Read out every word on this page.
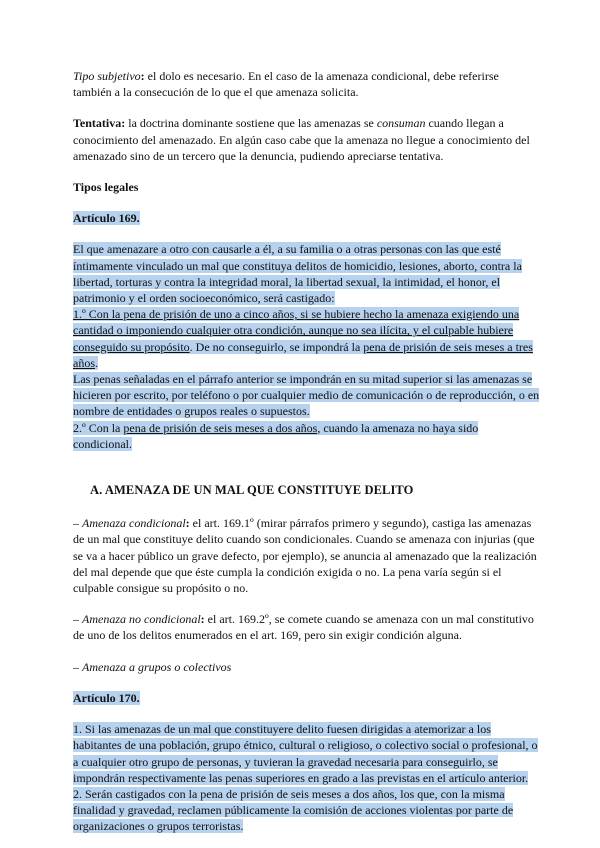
Tipo subjetivo: el dolo es necesario. En el caso de la amenaza condicional, debe referirse también a la consecución de lo que el que amenaza solicita.

Tentativa: la doctrina dominante sostiene que las amenazas se consuman cuando llegan a conocimiento del amenazado. En algún caso cabe que la amenaza no llegue a conocimiento del amenazado sino de un tercero que la denuncia, pudiendo apreciarse tentativa.

Tipos legales

Artículo 169.

El que amenazare a otro con causarle a él, a su familia o a otras personas con las que esté íntimamente vinculado un mal que constituya delitos de homicidio, lesiones, aborto, contra la libertad, torturas y contra la integridad moral, la libertad sexual, la intimidad, el honor, el patrimonio y el orden socioeconómico, será castigado:

1.º Con la pena de prisión de uno a cinco años, si se hubiere hecho la amenaza exigiendo una cantidad o imponiendo cualquier otra condición, aunque no sea ilícita, y el culpable hubiere conseguido su propósito. De no conseguirlo, se impondrá la pena de prisión de seis meses a tres años.

Las penas señaladas en el párrafo anterior se impondrán en su mitad superior si las amenazas se hicieren por escrito, por teléfono o por cualquier medio de comunicación o de reproducción, o en nombre de entidades o grupos reales o supuestos.

2.º Con la pena de prisión de seis meses a dos años, cuando la amenaza no haya sido condicional.

A. AMENAZA DE UN MAL QUE CONSTITUYE DELITO

– Amenaza condicional: el art. 169.1º (mirar párrafos primero y segundo), castiga las amenazas de un mal que constituye delito cuando son condicionales. Cuando se amenaza con injurias (que se va a hacer público un grave defecto, por ejemplo), se anuncia al amenazado que la realización del mal depende que que éste cumpla la condición exigida o no. La pena varía según si el culpable consigue su propósito o no.

– Amenaza no condicional: el art. 169.2º, se comete cuando se amenaza con un mal constitutivo de uno de los delitos enumerados en el art. 169, pero sin exigir condición alguna.

– Amenaza a grupos o colectivos

Artículo 170.

1. Si las amenazas de un mal que constituyere delito fuesen dirigidas a atemorizar a los habitantes de una población, grupo étnico, cultural o religioso, o colectivo social o profesional, o a cualquier otro grupo de personas, y tuvieran la gravedad necesaria para conseguirlo, se impondrán respectivamente las penas superiores en grado a las previstas en el artículo anterior.

2. Serán castigados con la pena de prisión de seis meses a dos años, los que, con la misma finalidad y gravedad, reclamen públicamente la comisión de acciones violentas por parte de organizaciones o grupos terroristas.
